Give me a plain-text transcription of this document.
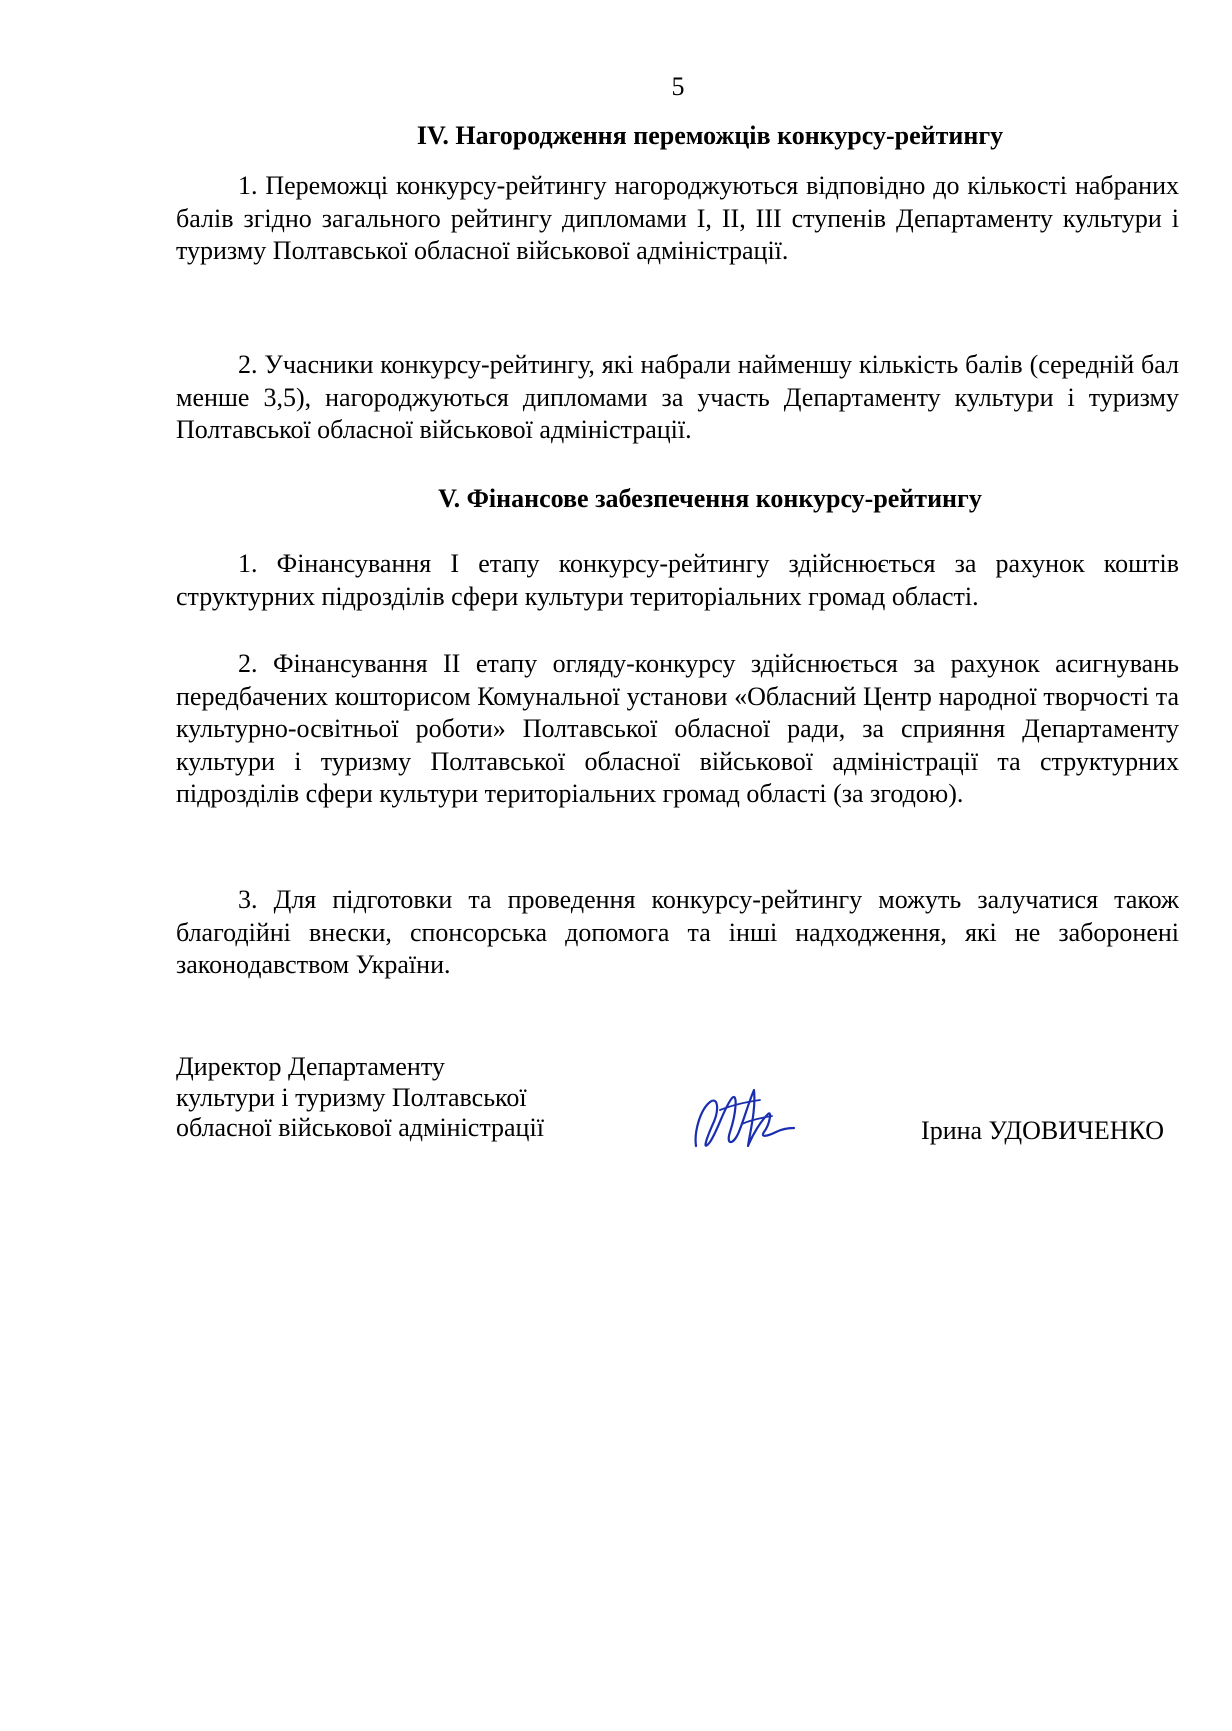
5
IV. Нагородження переможців конкурсу-рейтингу

1. Переможці конкурсу-рейтингу нагороджуються відповідно до кількості набраних балів згідно загального рейтингу дипломами І, ІІ, ІІІ ступенів Департаменту культури і туризму Полтавської обласної військової адміністрації.

2. Учасники конкурсу-рейтингу, які набрали найменшу кількість балів (середній бал менше 3,5), нагороджуються дипломами за участь Департаменту культури і туризму Полтавської обласної військової адміністрації.

V. Фінансове забезпечення конкурсу-рейтингу

1. Фінансування І етапу конкурсу-рейтингу здійснюється за рахунок коштів структурних підрозділів сфери культури територіальних громад області.

2. Фінансування ІІ етапу огляду-конкурсу здійснюється за рахунок асигнувань передбачених кошторисом Комунальної установи «Обласний Центр народної творчості та культурно-освітньої роботи» Полтавської обласної ради, за сприяння Департаменту культури і туризму Полтавської обласної військової адміністрації та структурних підрозділів сфери культури територіальних громад області (за згодою).

3. Для підготовки та проведення конкурсу-рейтингу можуть залучатися також благодійні внески, спонсорська допомога та інші надходження, які не заборонені законодавством України.

Директор Департаменту
культури і туризму Полтавської
обласної військової адміністрації	Ірина УДОВИЧЕНКО
